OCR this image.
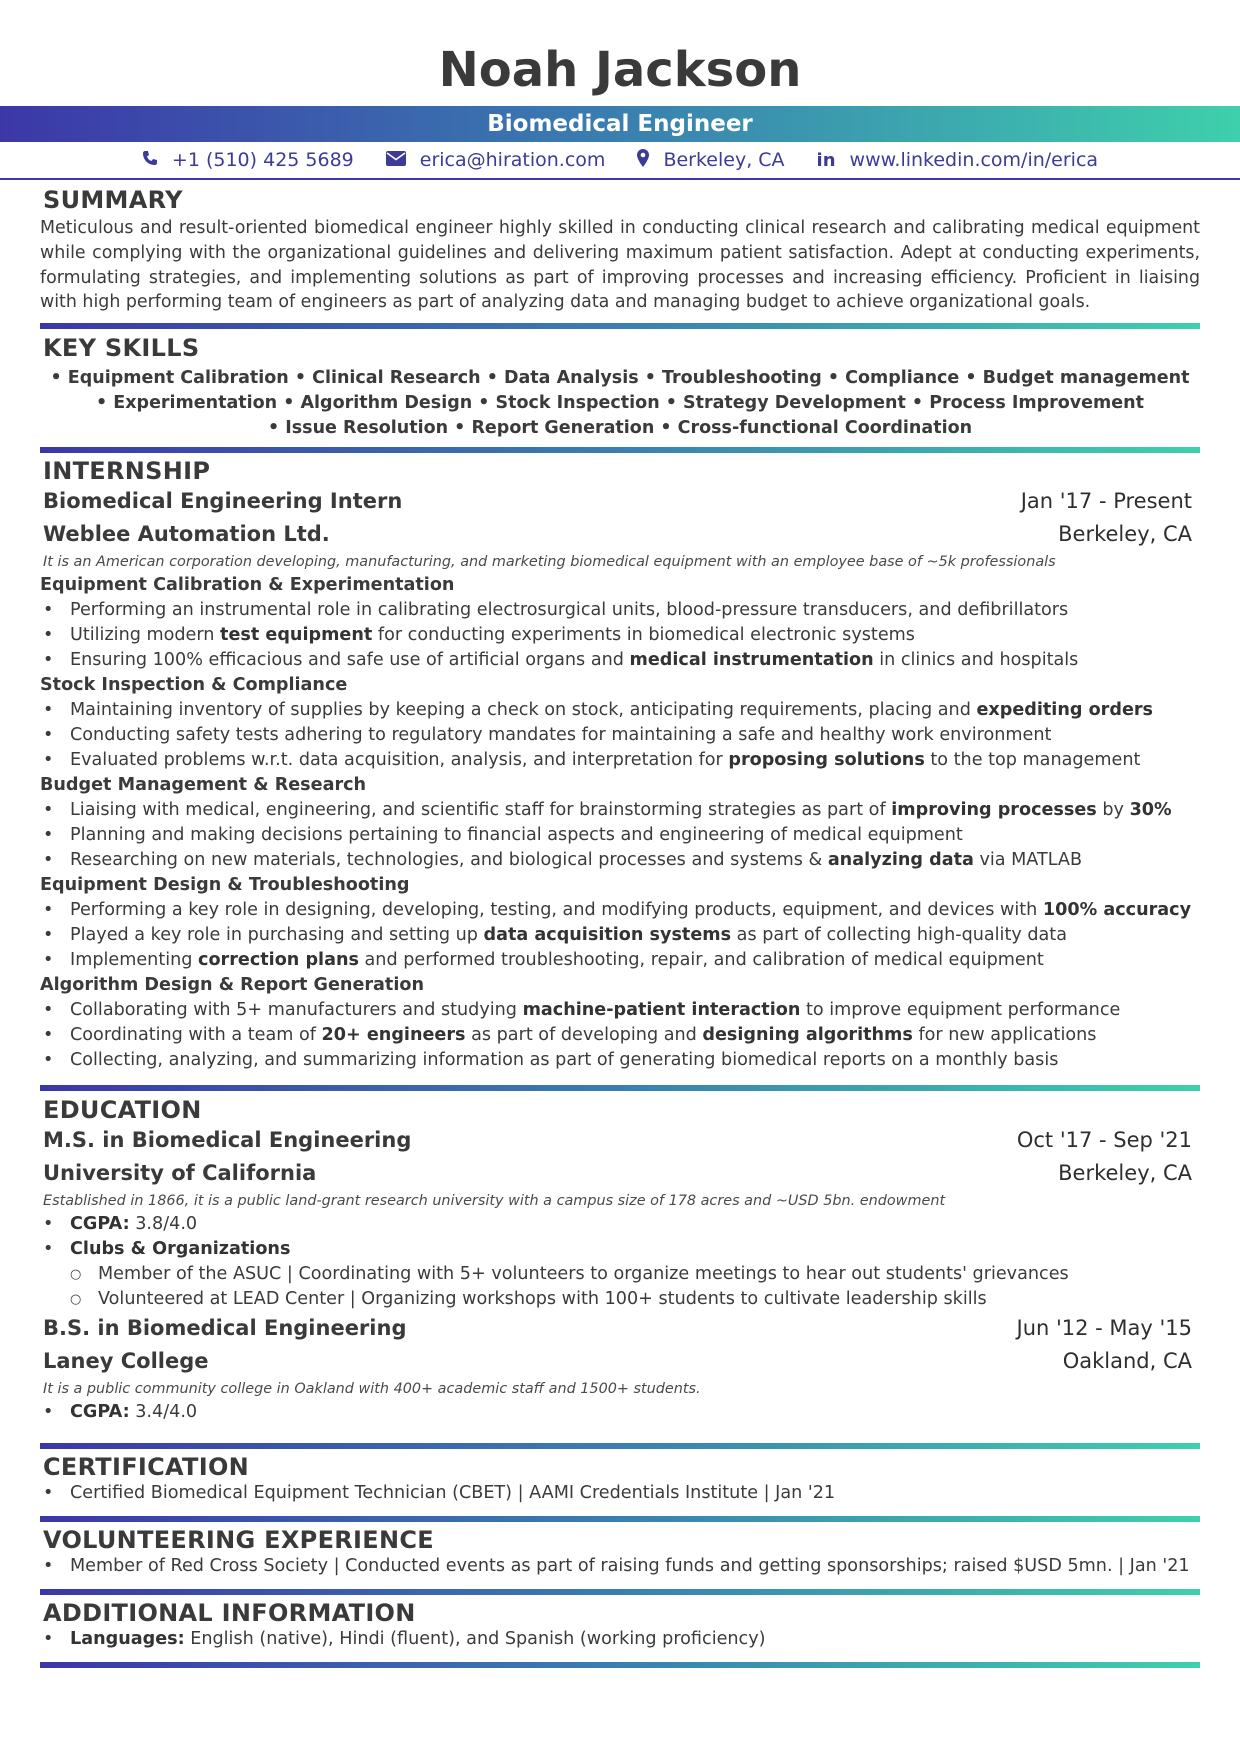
Noah Jackson
Biomedical Engineer
+1 (510) 425 5689	erica@hiration.com	Berkeley, CA in www.linkedin.com/in/erica
SUMMARY
Meticulous and result-oriented biomedical engineer highly skilled in conducting clinical research and calibrating medical equipment while complying with the organizational guidelines and delivering maximum patient satisfaction. Adept at conducting experiments, formulating strategies, and implementing solutions as part of improving processes and increasing efficiency. Proficient in liaising with high performing team of engineers as part of analyzing data and managing budget to achieve organizational goals.
KEY SKILLS
• Equipment Calibration • Clinical Research • Data Analysis • Troubleshooting • Compliance • Budget management
• Experimentation • Algorithm Design • Stock Inspection • Strategy Development • Process Improvement
• Issue Resolution • Report Generation • Cross-functional Coordination
INTERNSHIP
Biomedical Engineering Intern	Jan '17 - Present
Weblee Automation Ltd.	Berkeley, CA
It is an American corporation developing, manufacturing, and marketing biomedical equipment with an employee base of ~5k professionals
Equipment Calibration & Experimentation
• Performing an instrumental role in calibrating electrosurgical units, blood-pressure transducers, and defibrillators
• Utilizing modern test equipment for conducting experiments in biomedical electronic systems
• Ensuring 100% efficacious and safe use of artificial organs and medical instrumentation in clinics and hospitals
Stock Inspection & Compliance
• Maintaining inventory of supplies by keeping a check on stock, anticipating requirements, placing and expediting orders
• Conducting safety tests adhering to regulatory mandates for maintaining a safe and healthy work environment
• Evaluated problems w.r.t. data acquisition, analysis, and interpretation for proposing solutions to the top management
Budget Management & Research
• Liaising with medical, engineering, and scientific staff for brainstorming strategies as part of improving processes by 30%
• Planning and making decisions pertaining to financial aspects and engineering of medical equipment
• Researching on new materials, technologies, and biological processes and systems & analyzing data via MATLAB
Equipment Design & Troubleshooting
• Performing a key role in designing, developing, testing, and modifying products, equipment, and devices with 100% accuracy
• Played a key role in purchasing and setting up data acquisition systems as part of collecting high-quality data
• Implementing correction plans and performed troubleshooting, repair, and calibration of medical equipment
Algorithm Design & Report Generation
• Collaborating with 5+ manufacturers and studying machine-patient interaction to improve equipment performance
• Coordinating with a team of 20+ engineers as part of developing and designing algorithms for new applications
• Collecting, analyzing, and summarizing information as part of generating biomedical reports on a monthly basis
EDUCATION
M.S. in Biomedical Engineering	Oct '17 - Sep '21
University of California	Berkeley, CA
Established in 1866, it is a public land-grant research university with a campus size of 178 acres and ~USD 5bn. endowment
• CGPA: 3.8/4.0
• Clubs & Organizations
○ Member of the ASUC | Coordinating with 5+ volunteers to organize meetings to hear out students' grievances
○ Volunteered at LEAD Center | Organizing workshops with 100+ students to cultivate leadership skills
B.S. in Biomedical Engineering	Jun '12 - May '15
Laney College	Oakland, CA
It is a public community college in Oakland with 400+ academic staff and 1500+ students.
• CGPA: 3.4/4.0
CERTIFICATION
• Certified Biomedical Equipment Technician (CBET) | AAMI Credentials Institute | Jan '21
VOLUNTEERING EXPERIENCE
• Member of Red Cross Society | Conducted events as part of raising funds and getting sponsorships; raised $USD 5mn. | Jan '21
ADDITIONAL INFORMATION
• Languages: English (native), Hindi (fluent), and Spanish (working proficiency)
